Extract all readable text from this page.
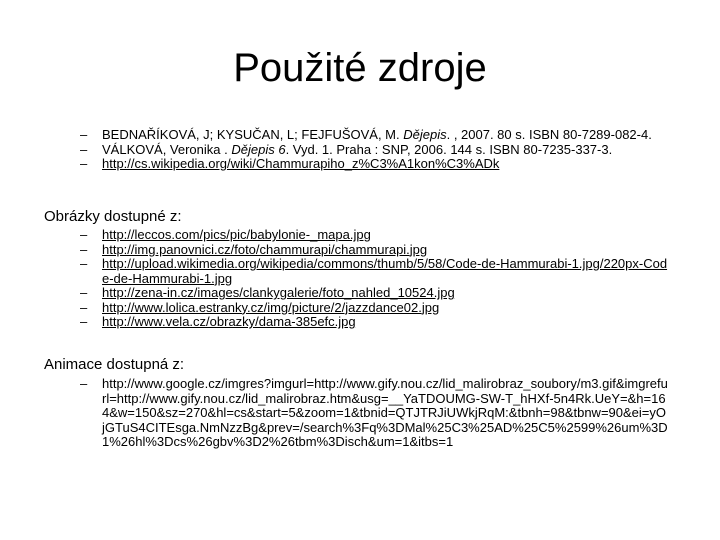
Použité zdroje
– BEDNAŘÍKOVÁ, J; KYSUČAN, L; FEJFUŠOVÁ, M. Dějepis. , 2007. 80 s. ISBN 80-7289-082-4.
– VÁLKOVÁ, Veronika . Dějepis 6. Vyd. 1. Praha : SNP, 2006. 144 s. ISBN 80-7235-337-3.
– http://cs.wikipedia.org/wiki/Chammurapiho_z%C3%A1kon%C3%ADk
Obrázky dostupné z:
– http://leccos.com/pics/pic/babylonie-_mapa.jpg
– http://img.panovnici.cz/foto/chammurapi/chammurapi.jpg
– http://upload.wikimedia.org/wikipedia/commons/thumb/5/58/Code-de-Hammurabi-1.jpg/220px-Code-de-Hammurabi-1.jpg
– http://zena-in.cz/images/clankygalerie/foto_nahled_10524.jpg
– http://www.lolica.estranky.cz/img/picture/2/jazzdance02.jpg
– http://www.vela.cz/obrazky/dama-385efc.jpg
Animace dostupná z:
– http://www.google.cz/imgres?imgurl=http://www.gify.nou.cz/lid_malirobraz_soubory/m3.gif&imgrefurl=http://www.gify.nou.cz/lid_malirobraz.htm&usg=__YaTDOUMG-SW-T_hHXf-5n4Rk.UeY=&h=164&w=150&sz=270&hl=cs&start=5&zoom=1&tbnid=QTJTRJiUWkjRqM:&tbnh=98&tbnw=90&ei=yOjGTuS4CITEsga.NmNzzBg&prev=/search%3Fq%3DMal%25C3%25AD%25C5%2599%26um%3D1%26hl%3Dcs%26gbv%3D2%26tbm%3Disch&um=1&itbs=1
